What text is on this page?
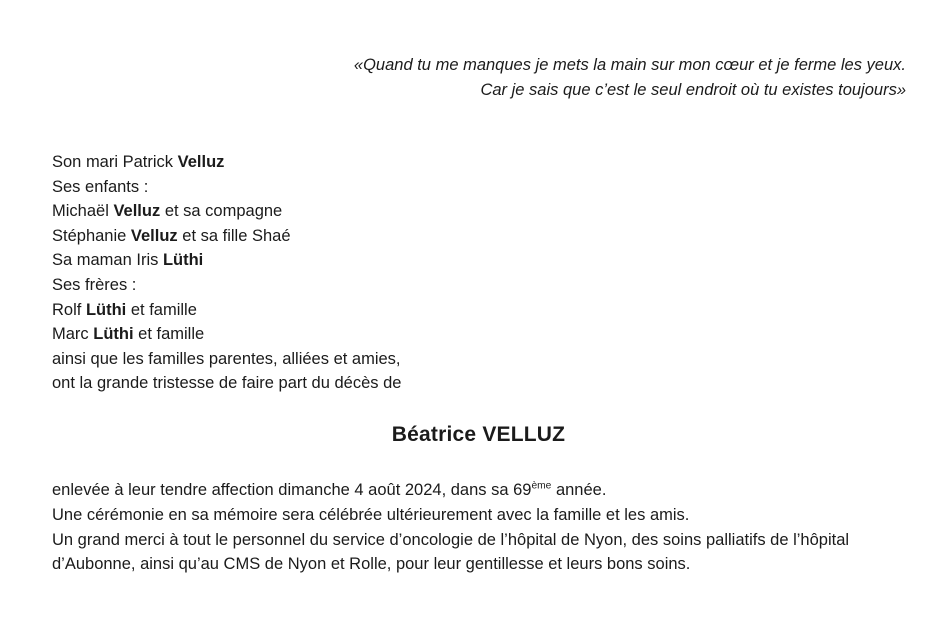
«Quand tu me manques je mets la main sur mon cœur et je ferme les yeux.
Car je sais que c’est le seul endroit où tu existes toujours»
Son mari Patrick Velluz
Ses enfants :
Michaël Velluz et sa compagne
Stéphanie Velluz et sa fille Shaé
Sa maman Iris Lüthi
Ses frères :
Rolf Lüthi et famille
Marc Lüthi et famille
ainsi que les familles parentes, alliées et amies,
ont la grande tristesse de faire part du décès de
Béatrice VELLUZ
enlevée à leur tendre affection dimanche 4 août 2024, dans sa 69ème année.
Une cérémonie en sa mémoire sera célébrée ultérieurement avec la famille et les amis.
Un grand merci à tout le personnel du service d’oncologie de l’hôpital de Nyon, des soins palliatifs de l’hôpital d’Aubonne, ainsi qu’au CMS de Nyon et Rolle, pour leur gentillesse et leurs bons soins.
